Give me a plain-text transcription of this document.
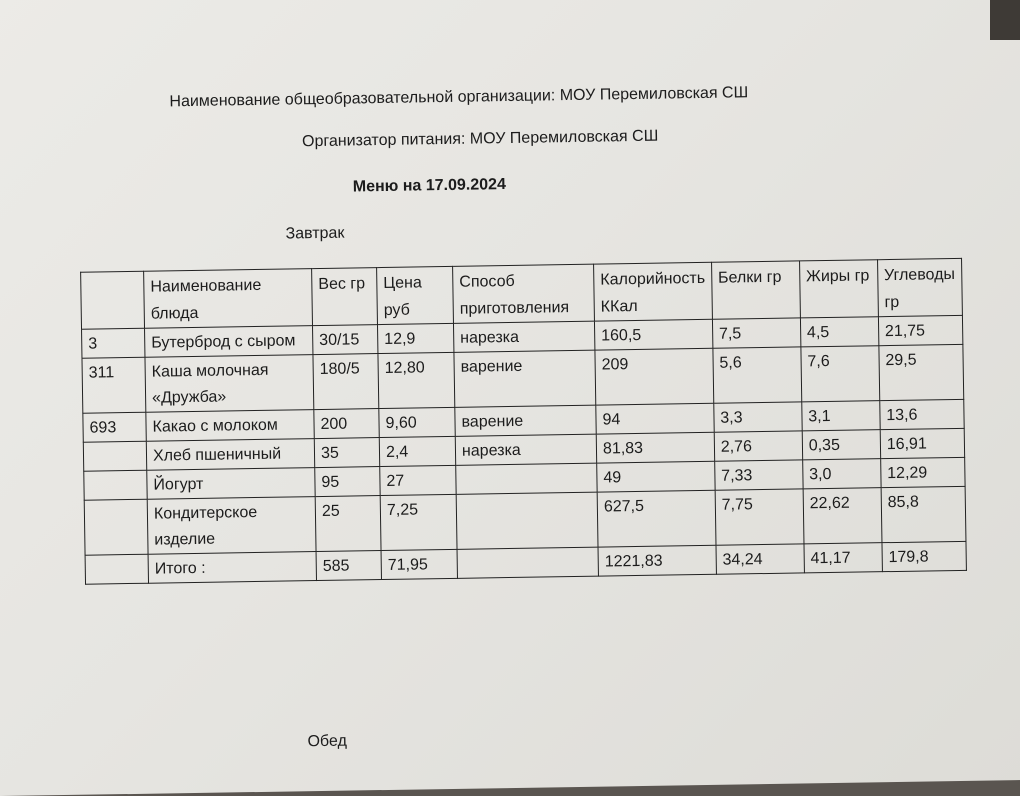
Наименование общеобразовательной организации: МОУ Перемиловская СШ
Организатор питания: МОУ Перемиловская СШ
Меню на 17.09.2024
Завтрак
	Наименование блюда	Вес гр	Цена руб	Способ приготовления	Калорийность ККал	Белки гр	Жиры гр	Углеводы гр
3	Бутерброд с сыром	30/15	12,9	нарезка	160,5	7,5	4,5	21,75
311	Каша молочная «Дружба»	180/5	12,80	варение	209	5,6	7,6	29,5
693	Какао с молоком	200	9,60	варение	94	3,3	3,1	13,6
	Хлеб пшеничный	35	2,4	нарезка	81,83	2,76	0,35	16,91
	Йогурт	95	27		49	7,33	3,0	12,29
	Кондитерское изделие	25	7,25		627,5	7,75	22,62	85,8
	Итого :	585	71,95		1221,83	34,24	41,17	179,8
Обед
